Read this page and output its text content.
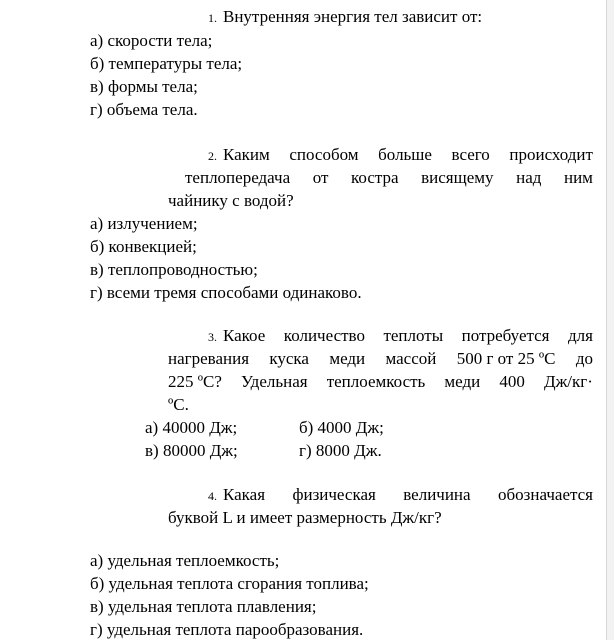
1. Внутренняя энергия тел зависит от:
а) скорости тела;
б) температуры тела;
в) формы тела;
г) объема тела.
2. Каким способом больше всего происходит
теплопередача от костра висящему над ним
чайнику с водой?
а) излучением;
б) конвекцией;
в) теплопроводностью;
г) всеми тремя способами одинаково.
3. Какое количество теплоты потребуется для
нагревания куска меди массой 500 г от 25 ºС до
225 ºС? Удельная теплоемкость меди 400 Дж/кг·
ºС.
а) 40000 Дж;	б) 4000 Дж;
в) 80000 Дж;	г) 8000 Дж.
4. Какая физическая величина обозначается
буквой L и имеет размерность Дж/кг?
а) удельная теплоемкость;
б) удельная теплота сгорания топлива;
в) удельная теплота плавления;
г) удельная теплота парообразования.
